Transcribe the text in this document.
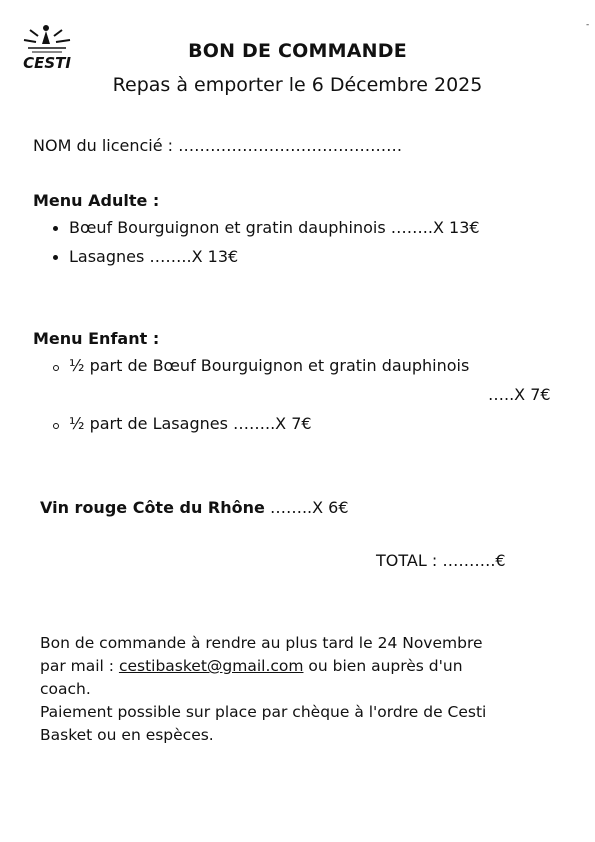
CESTI
-
BON DE COMMANDE
Repas à emporter le 6 Décembre 2025
NOM du licencié : ……………………………………
Menu Adulte :
Bœuf Bourguignon et gratin dauphinois ……..X 13€
Lasagnes ……..X 13€
Menu Enfant :
½ part de Bœuf Bourguignon et gratin dauphinois
…..X 7€
½ part de Lasagnes ……..X 7€
Vin rouge Côte du Rhône ……..X 6€
TOTAL : ……….€
Bon de commande à rendre au plus tard le 24 Novembre
par mail : cestibasket@gmail.com ou bien auprès d'un
coach.
Paiement possible sur place par chèque à l'ordre de Cesti
Basket ou en espèces.
